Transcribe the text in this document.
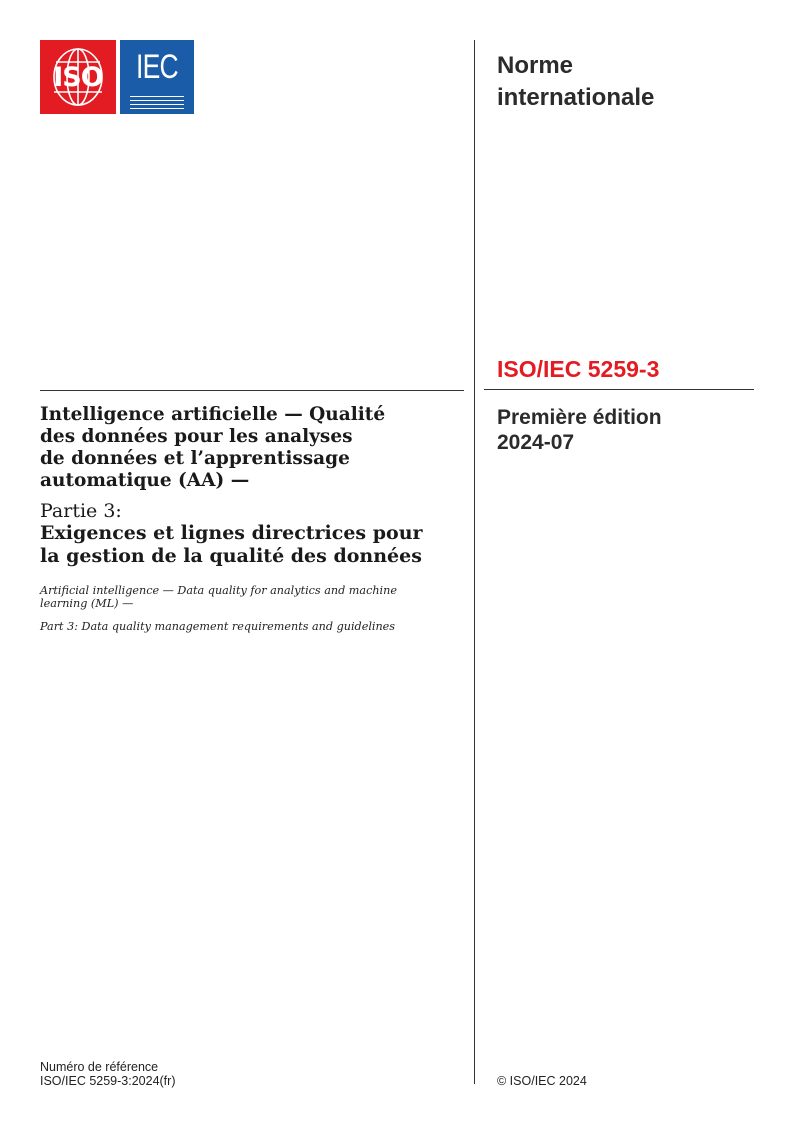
ISO IEC	Norme
internationale
ISO/IEC 5259-3
Première édition
2024-07

Intelligence artificielle — Qualité

des données pour les analyses

de données et l’apprentissage

automatique (AA) —

Partie 3:

Exigences et lignes directrices pour

la gestion de la qualité des données

Artificial intelligence — Data quality for analytics and machine learning (ML) —
Part 3: Data quality management requirements and guidelines
Numéro de référence
ISO/IEC 5259-3:2024(fr)	© ISO/IEC 2024
